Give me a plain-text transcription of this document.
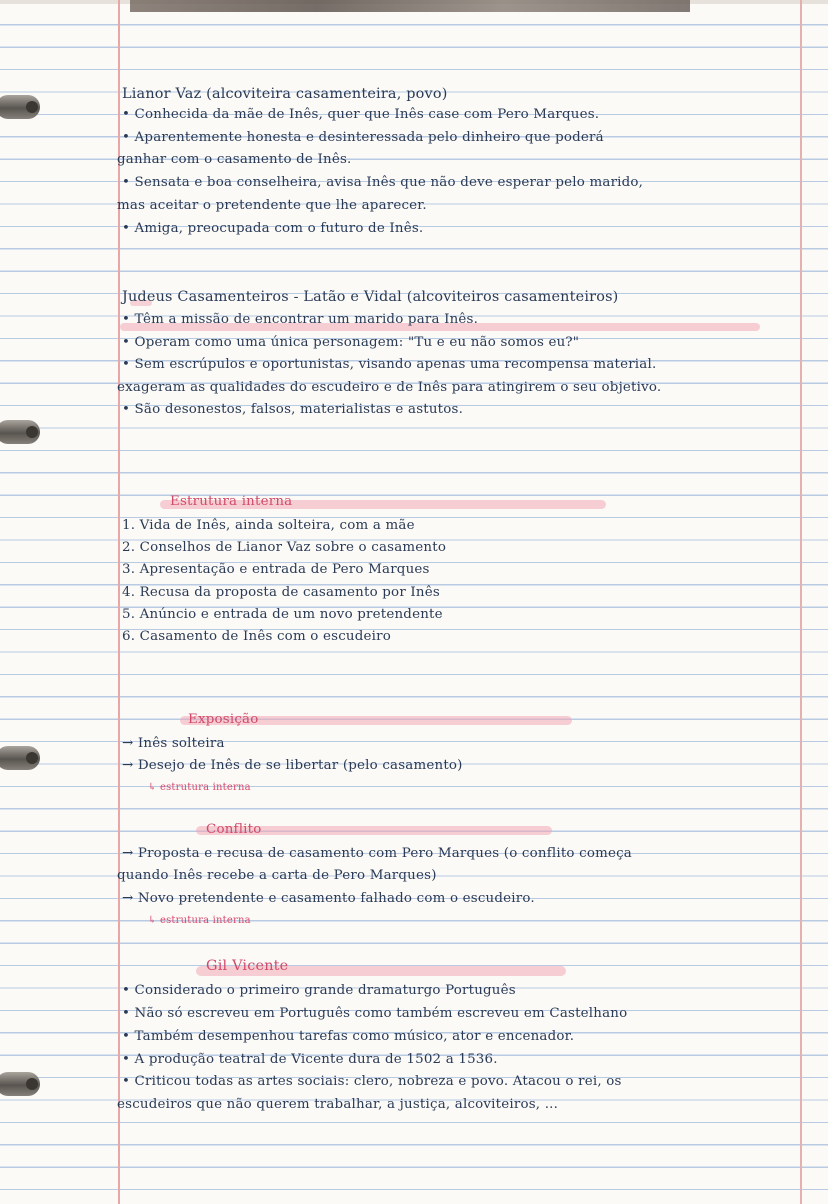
Lianor Vaz (alcoviteira casamenteira, povo)
• Conhecida da mãe de Inês, quer que Inês case com Pero Marques.
• Aparentemente honesta e desinteressada pelo dinheiro que poderá
ganhar com o casamento de Inês.
• Sensata e boa conselheira, avisa Inês que não deve esperar pelo marido,
mas aceitar o pretendente que lhe aparecer.
• Amiga, preocupada com o futuro de Inês.
Judeus Casamenteiros - Latão e Vidal (alcoviteiros casamenteiros)
• Têm a missão de encontrar um marido para Inês.
• Operam como uma única personagem: "Tu e eu não somos eu?"
• Sem escrúpulos e oportunistas, visando apenas uma recompensa material.
exageram as qualidades do escudeiro e de Inês para atingirem o seu objetivo.
• São desonestos, falsos, materialistas e astutos.
Estrutura interna
1. Vida de Inês, ainda solteira, com a mãe
2. Conselhos de Lianor Vaz sobre o casamento
3. Apresentação e entrada de Pero Marques
4. Recusa da proposta de casamento por Inês
5. Anúncio e entrada de um novo pretendente
6. Casamento de Inês com o escudeiro
Exposição
→ Inês solteira
→ Desejo de Inês de se libertar (pelo casamento)
↳ estrutura interna
Conflito
→ Proposta e recusa de casamento com Pero Marques (o conflito começa
quando Inês recebe a carta de Pero Marques)
→ Novo pretendente e casamento falhado com o escudeiro.
↳ estrutura interna
Gil Vicente
• Considerado o primeiro grande dramaturgo Português
• Não só escreveu em Português como também escreveu em Castelhano
• Também desempenhou tarefas como músico, ator e encenador.
• A produção teatral de Vicente dura de 1502 a 1536.
• Criticou todas as artes sociais: clero, nobreza e povo. Atacou o rei, os
escudeiros que não querem trabalhar, a justiça, alcoviteiros, ...
